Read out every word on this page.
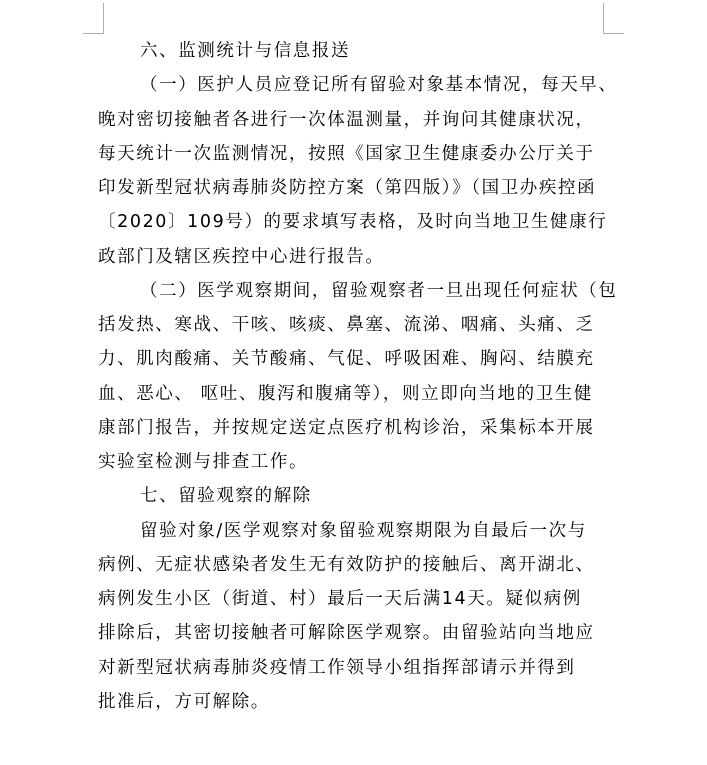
六、监测统计与信息报送
（一）医护人员应登记所有留验对象基本情况，每天早、
晚对密切接触者各进行一次体温测量，并询问其健康状况，
每天统计一次监测情况，按照《国家卫生健康委办公厅关于
印发新型冠状病毒肺炎防控方案（第四版）》（国卫办疾控函
〔2020〕109号）的要求填写表格，及时向当地卫生健康行
政部门及辖区疾控中心进行报告。
（二）医学观察期间，留验观察者一旦出现任何症状（包
括发热、寒战、干咳、咳痰、鼻塞、流涕、咽痛、头痛、乏
力、肌肉酸痛、关节酸痛、气促、呼吸困难、胸闷、结膜充
血、恶心、 呕吐、腹泻和腹痛等），则立即向当地的卫生健
康部门报告，并按规定送定点医疗机构诊治，采集标本开展
实验室检测与排查工作。
七、留验观察的解除
留验对象/医学观察对象留验观察期限为自最后一次与
病例、无症状感染者发生无有效防护的接触后、离开湖北、
病例发生小区（街道、村）最后一天后满14天。疑似病例
排除后，其密切接触者可解除医学观察。由留验站向当地应
对新型冠状病毒肺炎疫情工作领导小组指挥部请示并得到
批准后，方可解除。
